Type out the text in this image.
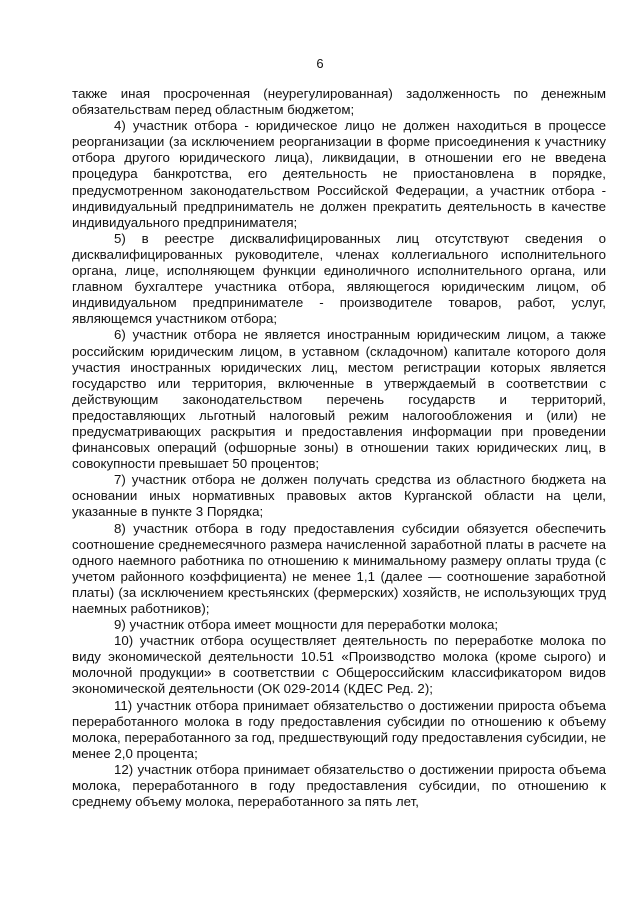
6

также иная просроченная (неурегулированная) задолженность по денежным обязательствам перед областным бюджетом;

4) участник отбора - юридическое лицо не должен находиться в процессе реорганизации (за исключением реорганизации в форме присоединения к участнику отбора другого юридического лица), ликвидации, в отношении его не введена процедура банкротства, его деятельность не приостановлена в порядке, предусмотренном законодательством Российской Федерации, а участник отбора - индивидуальный предприниматель не должен прекратить деятельность в качестве индивидуального предпринимателя;

5) в реестре дисквалифицированных лиц отсутствуют сведения о дисквалифицированных руководителе, членах коллегиального исполнительного органа, лице, исполняющем функции единоличного исполнительного органа, или главном бухгалтере участника отбора, являющегося юридическим лицом, об индивидуальном предпринимателе - производителе товаров, работ, услуг, являющемся участником отбора;

6) участник отбора не является иностранным юридическим лицом, а также российским юридическим лицом, в уставном (складочном) капитале которого доля участия иностранных юридических лиц, местом регистрации которых является государство или территория, включенные в утверждаемый в соответствии с действующим законодательством перечень государств и территорий, предоставляющих льготный налоговый режим налогообложения и (или) не предусматривающих раскрытия и предоставления информации при проведении финансовых операций (офшорные зоны) в отношении таких юридических лиц, в совокупности превышает 50 процентов;

7) участник отбора не должен получать средства из областного бюджета на основании иных нормативных правовых актов Курганской области на цели, указанные в пункте 3 Порядка;

8) участник отбора в году предоставления субсидии обязуется обеспечить соотношение среднемесячного размера начисленной заработной платы в расчете на одного наемного работника по отношению к минимальному размеру оплаты труда (с учетом районного коэффициента) не менее 1,1 (далее — соотношение заработной платы) (за исключением крестьянских (фермерских) хозяйств, не использующих труд наемных работников);

9) участник отбора имеет мощности для переработки молока;

10) участник отбора осуществляет деятельность по переработке молока по виду экономической деятельности 10.51 «Производство молока (кроме сырого) и молочной продукции» в соответствии с Общероссийским классификатором видов экономической деятельности (ОК 029-2014 (КДЕС Ред. 2);

11) участник отбора принимает обязательство о достижении прироста объема переработанного молока в году предоставления субсидии по отношению к объему молока, переработанного за год, предшествующий году предоставления субсидии, не менее 2,0 процента;

12) участник отбора принимает обязательство о достижении прироста объема молока, переработанного в году предоставления субсидии, по отношению к среднему объему молока, переработанного за пять лет,
